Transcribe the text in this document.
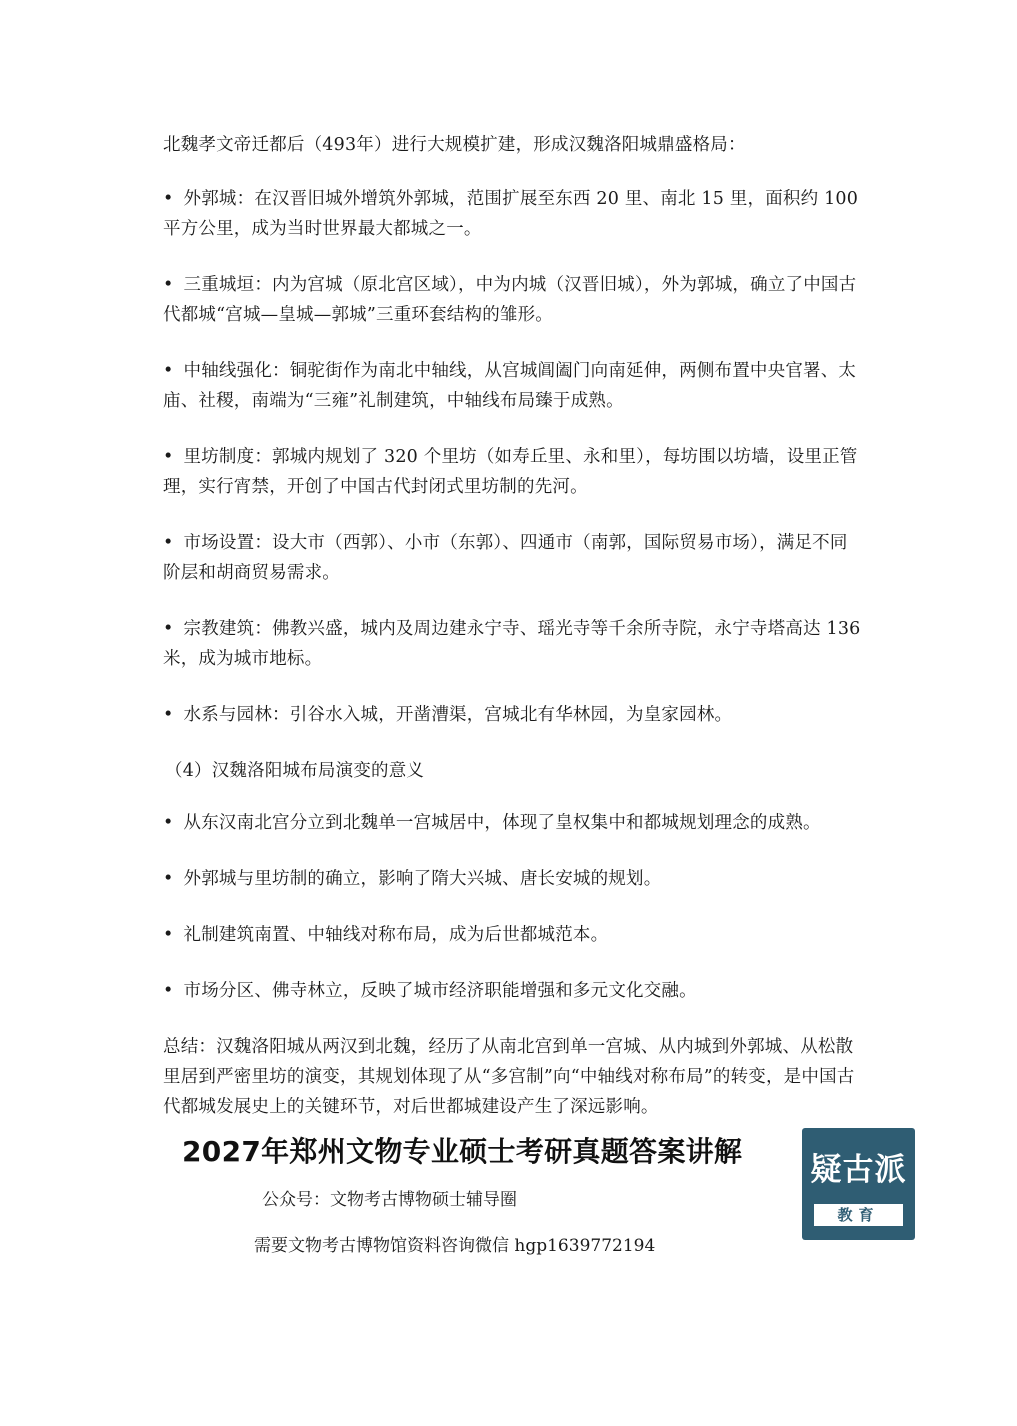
北魏孝文帝迁都后（493年）进行大规模扩建，形成汉魏洛阳城鼎盛格局：

• 外郭城：在汉晋旧城外增筑外郭城，范围扩展至东西 20 里、南北 15 里，面积约 100 平方公里，成为当时世界最大都城之一。

• 三重城垣：内为宫城（原北宫区域），中为内城（汉晋旧城），外为郭城，确立了中国古代都城“宫城—皇城—郭城”三重环套结构的雏形。

• 中轴线强化：铜驼街作为南北中轴线，从宫城阊阖门向南延伸，两侧布置中央官署、太庙、社稷，南端为“三雍”礼制建筑，中轴线布局臻于成熟。

• 里坊制度：郭城内规划了 320 个里坊（如寿丘里、永和里），每坊围以坊墙，设里正管理，实行宵禁，开创了中国古代封闭式里坊制的先河。

• 市场设置：设大市（西郭）、小市（东郭）、四通市（南郭，国际贸易市场），满足不同阶层和胡商贸易需求。

• 宗教建筑：佛教兴盛，城内及周边建永宁寺、瑶光寺等千余所寺院，永宁寺塔高达 136 米，成为城市地标。

• 水系与园林：引谷水入城，开凿漕渠，宫城北有华林园，为皇家园林。

（4）汉魏洛阳城布局演变的意义

• 从东汉南北宫分立到北魏单一宫城居中，体现了皇权集中和都城规划理念的成熟。

• 外郭城与里坊制的确立，影响了隋大兴城、唐长安城的规划。

• 礼制建筑南置、中轴线对称布局，成为后世都城范本。

• 市场分区、佛寺林立，反映了城市经济职能增强和多元文化交融。

总结：汉魏洛阳城从两汉到北魏，经历了从南北宫到单一宫城、从内城到外郭城、从松散里居到严密里坊的演变，其规划体现了从“多宫制”向“中轴线对称布局”的转变，是中国古代都城发展史上的关键环节，对后世都城建设产生了深远影响。

2027年郑州文物专业硕士考研真题答案讲解
公众号：文物考古博物硕士辅导圈
需要文物考古博物馆资料咨询微信 hgp1639772194
疑古派
教育
